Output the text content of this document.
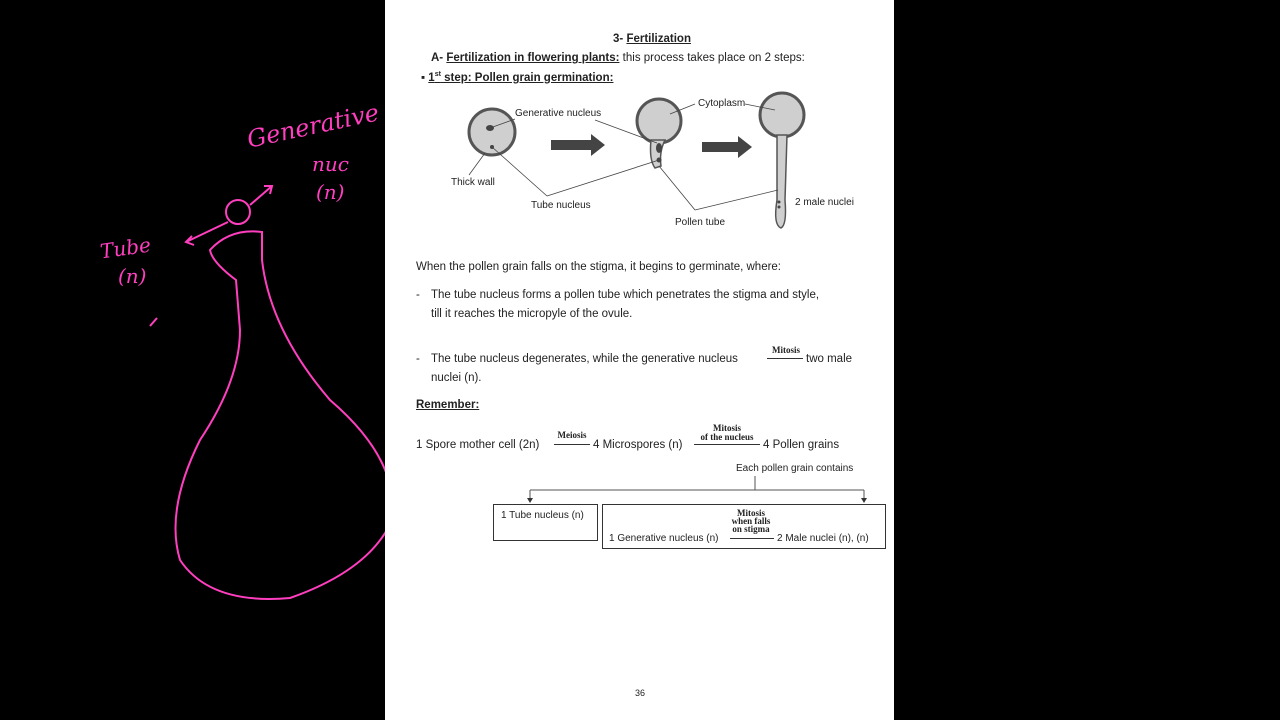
Generative
nuc
(n)
Tube
(n)
3- Fertilization
A- Fertilization in flowering plants: this process takes place on 2 steps:
▪ 1st step: Pollen grain germination:
Generative nucleus
Cytoplasm
Thick wall
Tube nucleus
Pollen tube
2 male nuclei
When the pollen grain falls on the stigma, it begins to germinate, where:
- The tube nucleus forms a pollen tube which penetrates the stigma and style,
till it reaches the micropyle of the ovule.
- The tube nucleus degenerates, while the generative nucleus
Mitosis
two male
nuclei (n).
Remember:
1 Spore mother cell (2n)
Meiosis
4 Microspores (n)
Mitosis
of the nucleus
4 Pollen grains
Each pollen grain contains
1 Tube nucleus (n)
1 Generative nucleus (n)
Mitosis
when falls
on stigma
2 Male nuclei (n), (n)
36
